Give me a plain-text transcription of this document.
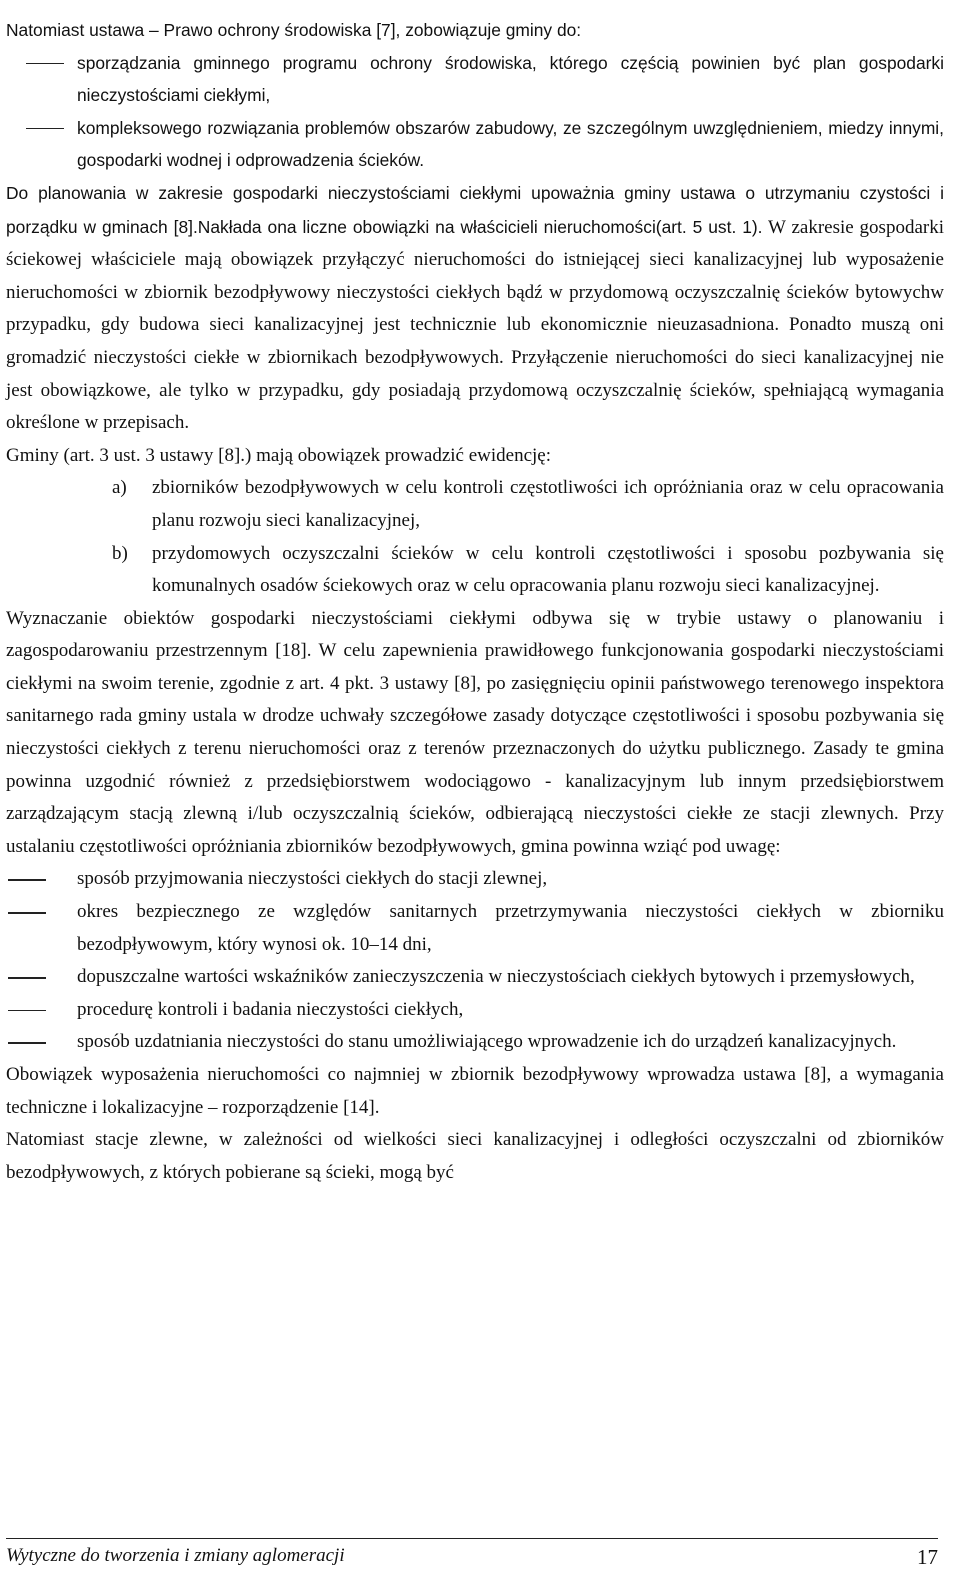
Natomiast ustawa – Prawo ochrony środowiska [7], zobowiązuje gminy do:

sporządzania gminnego programu ochrony środowiska, którego częścią powinien być plan gospodarki nieczystościami ciekłymi,
kompleksowego rozwiązania problemów obszarów zabudowy, ze szczególnym uwzględnieniem, miedzy innymi, gospodarki wodnej i odprowadzenia ścieków.

Do planowania w zakresie gospodarki nieczystościami ciekłymi upoważnia gminy ustawa o utrzymaniu czystości i porządku w gminach [8].Nakłada ona liczne obowiązki na właścicieli nieruchomości(art. 5 ust. 1). W zakresie gospodarki ściekowej właściciele mają obowiązek przyłączyć nieruchomości do istniejącej sieci kanalizacyjnej lub wyposażenie nieruchomości w zbiornik bezodpływowy nieczystości ciekłych bądź w przydomową oczyszczalnię ścieków bytowychw przypadku, gdy budowa sieci kanalizacyjnej jest technicznie lub ekonomicznie nieuzasadniona. Ponadto muszą oni gromadzić nieczystości ciekłe w zbiornikach bezodpływowych. Przyłączenie nieruchomości do sieci kanalizacyjnej nie jest obowiązkowe, ale tylko w przypadku, gdy posiadają przydomową oczyszczalnię ścieków, spełniającą wymagania określone w przepisach.

Gminy (art. 3 ust. 3 ustawy [8].) mają obowiązek prowadzić ewidencję:

a) zbiorników bezodpływowych w celu kontroli częstotliwości ich opróżniania oraz w celu opracowania planu rozwoju sieci kanalizacyjnej,
b) przydomowych oczyszczalni ścieków w celu kontroli częstotliwości i sposobu pozbywania się komunalnych osadów ściekowych oraz w celu opracowania planu rozwoju sieci kanalizacyjnej.

Wyznaczanie obiektów gospodarki nieczystościami ciekłymi odbywa się w trybie ustawy o planowaniu i zagospodarowaniu przestrzennym [18]. W celu zapewnienia prawidłowego funkcjonowania gospodarki nieczystościami ciekłymi na swoim terenie, zgodnie z art. 4 pkt. 3 ustawy [8], po zasięgnięciu opinii państwowego terenowego inspektora sanitarnego rada gminy ustala w drodze uchwały szczegółowe zasady dotyczące częstotliwości i sposobu pozbywania się nieczystości ciekłych z terenu nieruchomości oraz z terenów przeznaczonych do użytku publicznego. Zasady te gmina powinna uzgodnić również z przedsiębiorstwem wodociągowo - kanalizacyjnym lub innym przedsiębiorstwem zarządzającym stacją zlewną i/lub oczyszczalnią ścieków, odbierającą nieczystości ciekłe ze stacji zlewnych. Przy ustalaniu częstotliwości opróżniania zbiorników bezodpływowych, gmina powinna wziąć pod uwagę:

sposób przyjmowania nieczystości ciekłych do stacji zlewnej,
okres bezpiecznego ze względów sanitarnych przetrzymywania nieczystości ciekłych w zbiorniku bezodpływowym, który wynosi ok. 10–14 dni,
dopuszczalne wartości wskaźników zanieczyszczenia w nieczystościach ciekłych bytowych i przemysłowych,
procedurę kontroli i badania nieczystości ciekłych,
sposób uzdatniania nieczystości do stanu umożliwiającego wprowadzenie ich do urządzeń kanalizacyjnych.

Obowiązek wyposażenia nieruchomości co najmniej w zbiornik bezodpływowy wprowadza ustawa [8], a wymagania techniczne i lokalizacyjne – rozporządzenie [14].

Natomiast stacje zlewne, w zależności od wielkości sieci kanalizacyjnej i odległości oczyszczalni od zbiorników bezodpływowych, z których pobierane są ścieki, mogą być

Wytyczne do tworzenia i zmiany aglomeracji	17
